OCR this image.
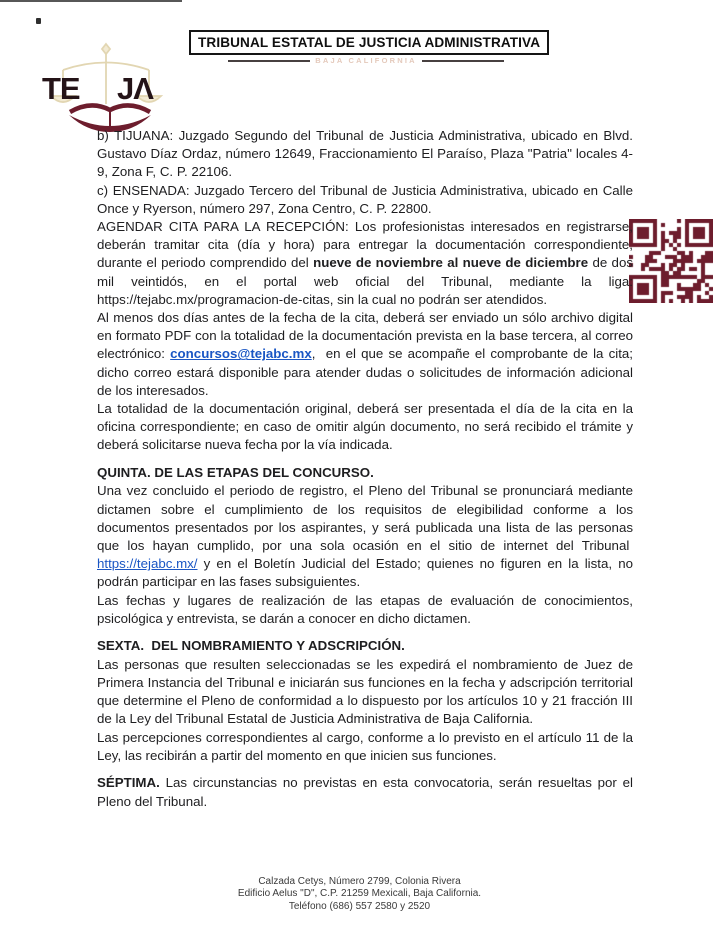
TE JΛ
TRIBUNAL ESTATAL DE JUSTICIA ADMINISTRATIVA
BAJA CALIFORNIA

b) TIJUANA: Juzgado Segundo del Tribunal de Justicia Administrativa, ubicado en Blvd. Gustavo Díaz Ordaz, número 12649, Fraccionamiento El Paraíso, Plaza "Patria" locales 4-9, Zona F, C. P. 22106.

c) ENSENADA: Juzgado Tercero del Tribunal de Justicia Administrativa, ubicado en Calle Once y Ryerson, número 297, Zona Centro, C. P. 22800.

AGENDAR CITA PARA LA RECEPCIÓN: Los profesionistas interesados en registrarse, deberán tramitar cita (día y hora) para entregar la documentación correspondiente, durante el periodo comprendido del nueve de noviembre al nueve de diciembre de dos mil veintidós, en el portal web oficial del Tribunal, mediante la liga: https://tejabc.mx/programacion-de-citas, sin la cual no podrán ser atendidos.

Al menos dos días antes de la fecha de la cita, deberá ser enviado un sólo archivo digital en formato PDF con la totalidad de la documentación prevista en la base tercera, al correo electrónico: concursos@tejabc.mx,  en el que se acompañe el comprobante de la cita; dicho correo estará disponible para atender dudas o solicitudes de información adicional de los interesados.

La totalidad de la documentación original, deberá ser presentada el día de la cita en la oficina correspondiente; en caso de omitir algún documento, no será recibido el trámite y deberá solicitarse nueva fecha por la vía indicada.

QUINTA. DE LAS ETAPAS DEL CONCURSO.

Una vez concluido el periodo de registro, el Pleno del Tribunal se pronunciará mediante dictamen sobre el cumplimiento de los requisitos de elegibilidad conforme a los documentos presentados por los aspirantes, y será publicada una lista de las personas que los hayan cumplido, por una sola ocasión en el sitio de internet del Tribunal  https://tejabc.mx/ y en el Boletín Judicial del Estado; quienes no figuren en la lista, no podrán participar en las fases subsiguientes.

Las fechas y lugares de realización de las etapas de evaluación de conocimientos, psicológica y entrevista, se darán a conocer en dicho dictamen.

SEXTA.  DEL NOMBRAMIENTO Y ADSCRIPCIÓN.

Las personas que resulten seleccionadas se les expedirá el nombramiento de Juez de Primera Instancia del Tribunal e iniciarán sus funciones en la fecha y adscripción territorial que determine el Pleno de conformidad a lo dispuesto por los artículos 10 y 21 fracción III de la Ley del Tribunal Estatal de Justicia Administrativa de Baja California.

Las percepciones correspondientes al cargo, conforme a lo previsto en el artículo 11 de la Ley, las recibirán a partir del momento en que inicien sus funciones.

SÉPTIMA. Las circunstancias no previstas en esta convocatoria, serán resueltas por el Pleno del Tribunal.

Calzada Cetys, Número 2799, Colonia Rivera
Edificio Aelus "D", C.P. 21259 Mexicali, Baja California.
Teléfono (686) 557 2580 y 2520
